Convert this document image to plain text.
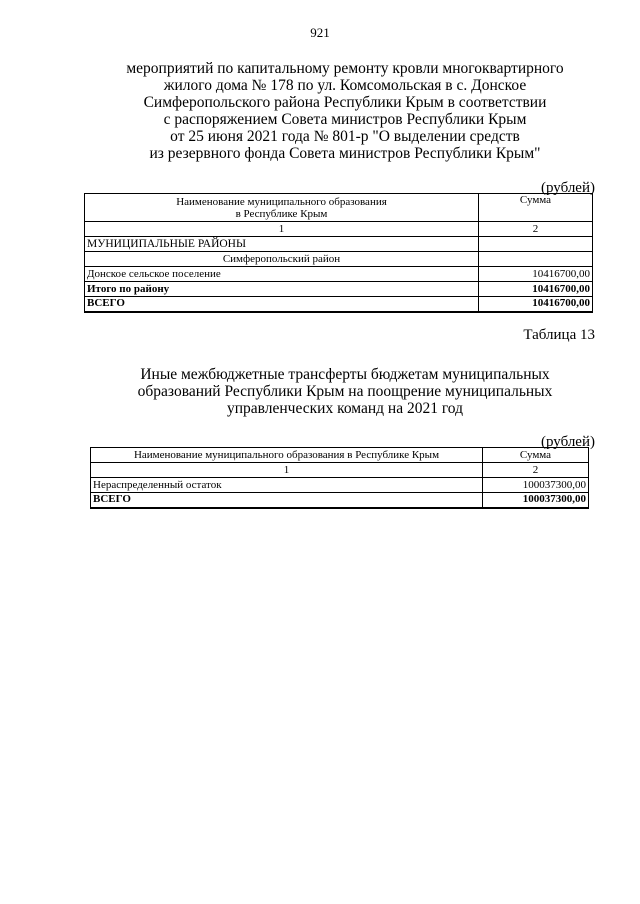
921
мероприятий по капитальному ремонту кровли многоквартирного
жилого дома № 178 по ул. Комсомольская в с. Донское
Симферопольского района Республики Крым в соответствии
с распоряжением Совета министров Республики Крым
от 25 июня 2021 года № 801-р "О выделении средств
из резервного фонда Совета министров Республики Крым"
(рублей)
Наименование муниципального образования
в Республике Крым	Сумма
1	2
МУНИЦИПАЛЬНЫЕ РАЙОНЫ	
Симферопольский район	
Донское сельское поселение	10416700,00
Итого по району	10416700,00
ВСЕГО	10416700,00
Таблица 13
Иные межбюджетные трансферты бюджетам муниципальных
образований Республики Крым на поощрение муниципальных
управленческих команд на 2021 год
(рублей)
Наименование муниципального образования в Республике Крым	Сумма
1	2
Нераспределенный остаток	100037300,00
ВСЕГО	100037300,00
